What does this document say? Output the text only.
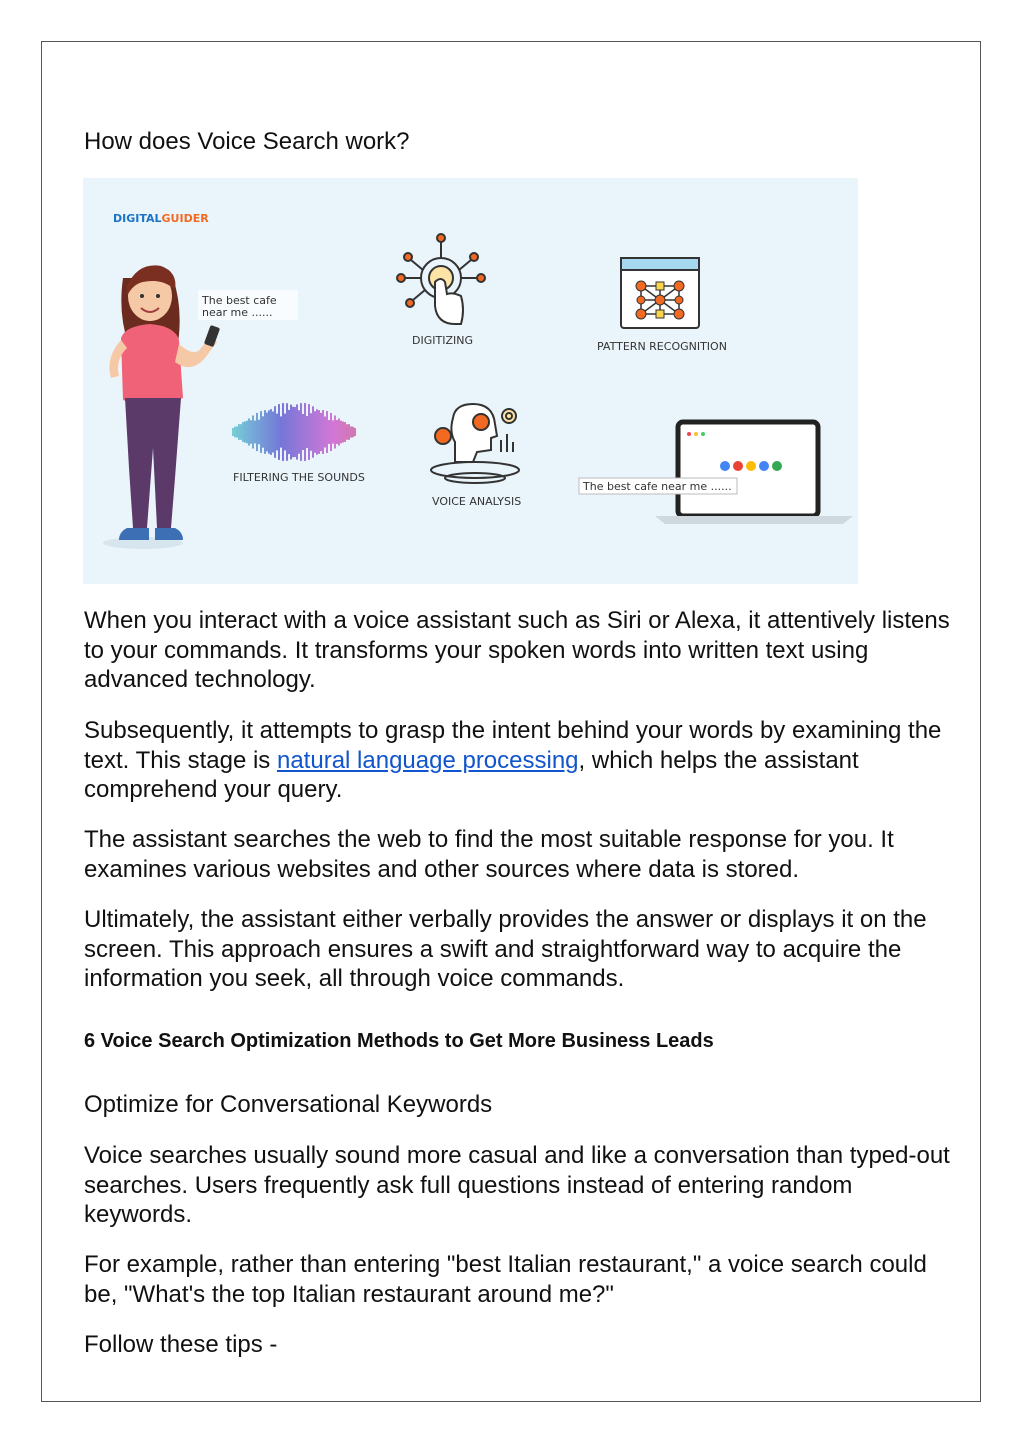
How does Voice Search work?
DIGITALGUIDER
The best cafe
near me ......
DIGITIZING	PATTERN RECOGNITION
FILTERING THE SOUNDS
VOICE ANALYSIS
The best cafe near me ......

When you interact with a voice assistant such as Siri or Alexa, it attentively listens to your commands. It transforms your spoken words into written text using advanced technology.

Subsequently, it attempts to grasp the intent behind your words by examining the text. This stage is natural language processing, which helps the assistant comprehend your query.

The assistant searches the web to find the most suitable response for you. It examines various websites and other sources where data is stored.

Ultimately, the assistant either verbally provides the answer or displays it on the screen. This approach ensures a swift and straightforward way to acquire the information you seek, all through voice commands.

6 Voice Search Optimization Methods to Get More Business Leads
Optimize for Conversational Keywords

Voice searches usually sound more casual and like a conversation than typed-out searches. Users frequently ask full questions instead of entering random keywords.

For example, rather than entering "best Italian restaurant," a voice search could be, "What's the top Italian restaurant around me?"

Follow these tips -
